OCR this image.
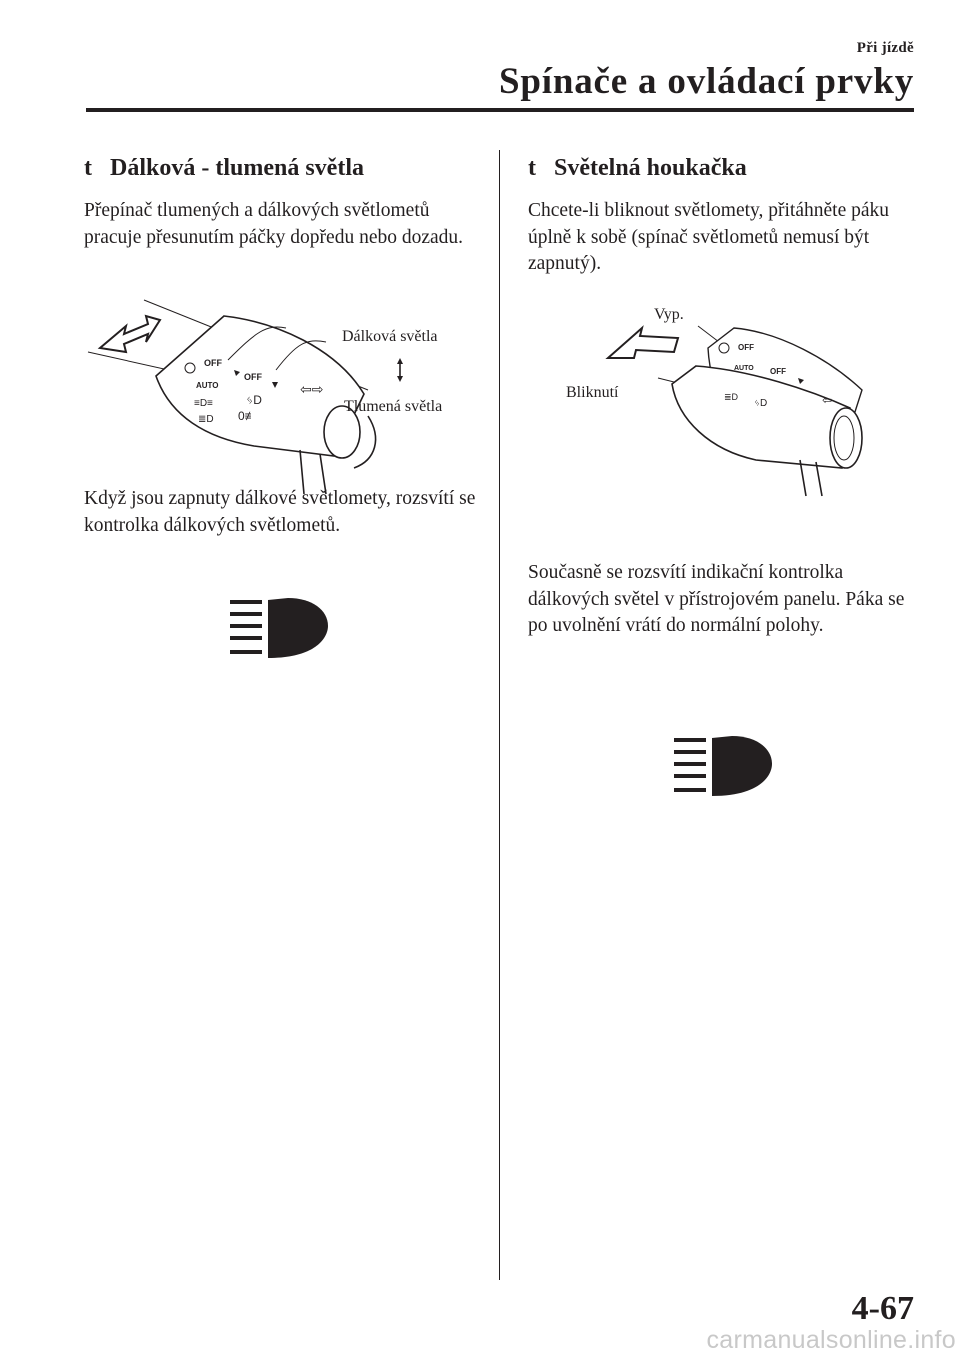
Při jízdě
Spínače a ovládací prvky
t Dálková - tlumená světla

Přepínač tlumených a dálkových světlometů pracuje přesunutím páčky dopředu nebo dozadu.

OFF
AUTO
OFF
ᛃD
0≢
≡D≡
≣D
⇦⇨
Dálková světla
Tlumená světla

Když jsou zapnuty dálkové světlomety, rozsvítí se kontrolka dálkových světlometů.

t Světelná houkačka

Chcete-li bliknout světlomety, přitáhněte páku úplně k sobě (spínač světlometů nemusí být zapnutý).

OFF
AUTO OFF
⇦
ᛃD
≣D
Vyp.
Bliknutí

Současně se rozsvítí indikační kontrolka dálkových světel v přístrojovém panelu. Páka se po uvolnění vrátí do normální polohy.

4-67
carmanualsonline.info
